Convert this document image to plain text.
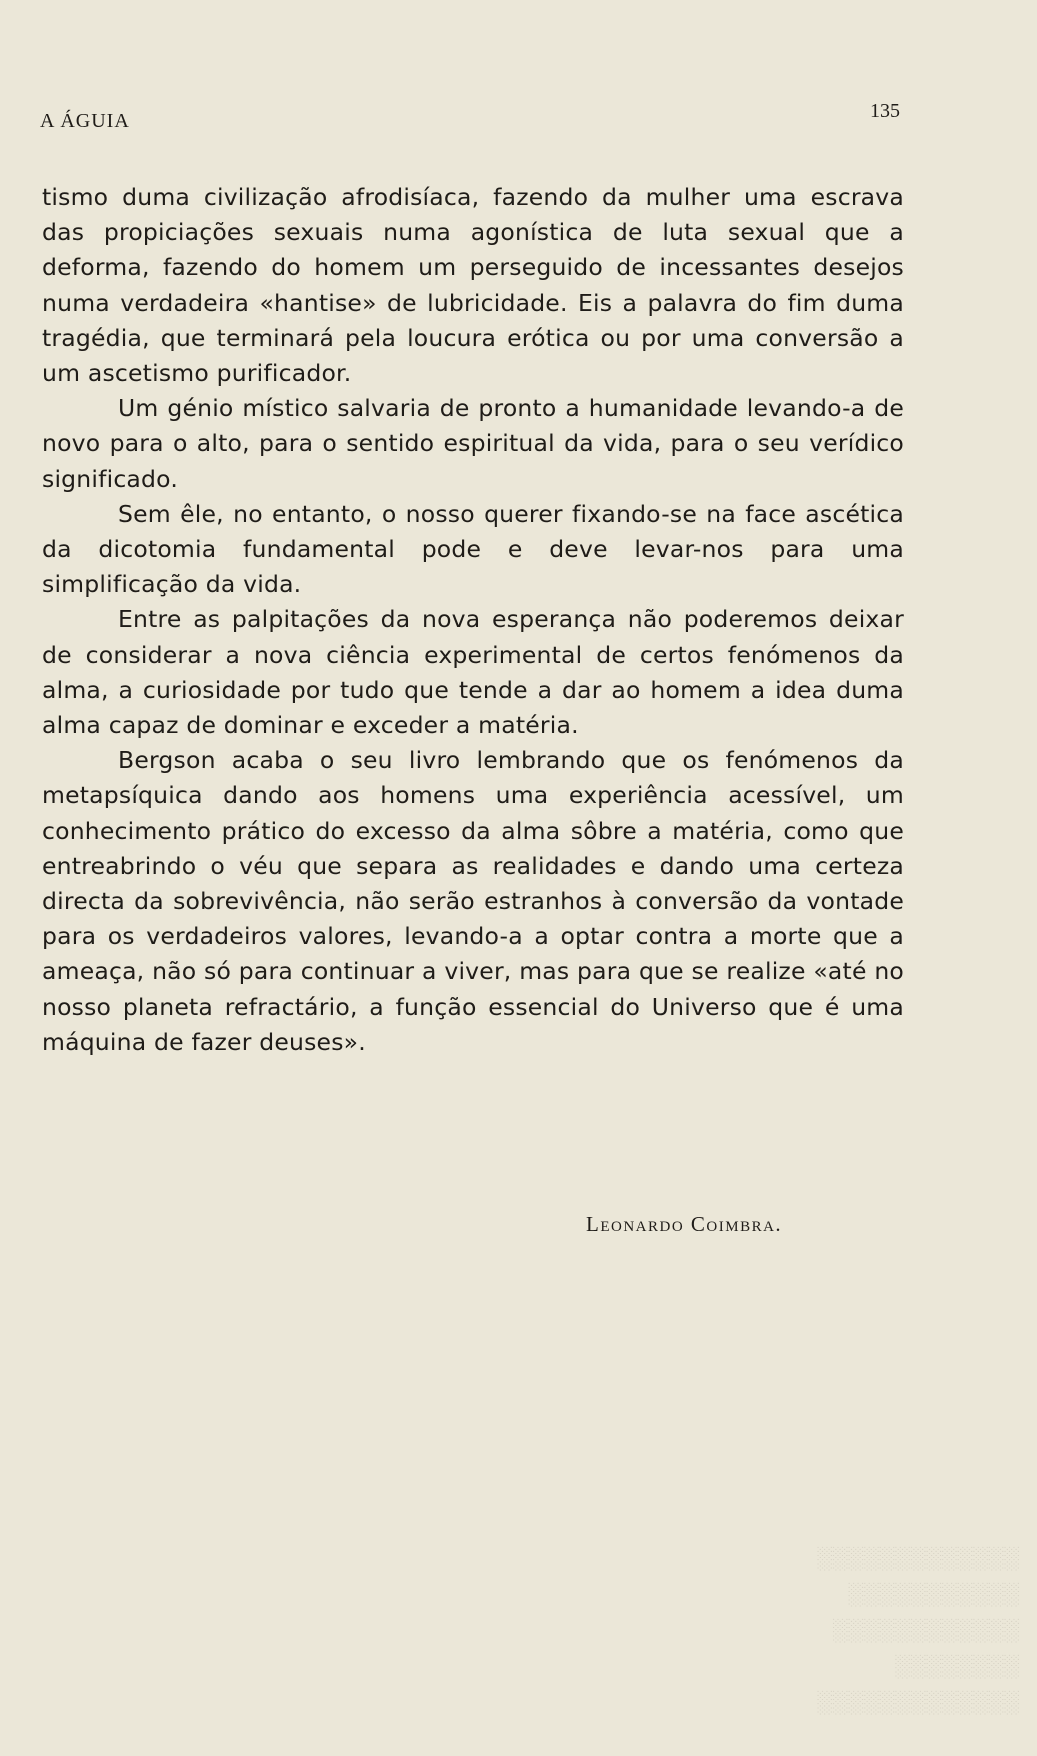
A ÁGUIA	135

tismo duma civilização afrodisíaca, fazendo da mulher uma escrava das propiciações sexuais numa agonística de luta sexual que a deforma, fazendo do homem um perseguido de incessantes desejos numa verdadeira «hantise» de lubricidade. Eis a palavra do fim duma tragédia, que terminará pela loucura erótica ou por uma conversão a um ascetismo purificador.

Um génio místico salvaria de pronto a humanidade levando-a de novo para o alto, para o sentido espiritual da vida, para o seu verídico significado.

Sem êle, no entanto, o nosso querer fixando-se na face ascética da dicotomia fundamental pode e deve levar-nos para uma simplificação da vida.

Entre as palpitações da nova esperança não poderemos deixar de considerar a nova ciência experimental de certos fenómenos da alma, a curiosidade por tudo que tende a dar ao homem a idea duma alma capaz de dominar e exceder a matéria.

Bergson acaba o seu livro lembrando que os fenómenos da metapsíquica dando aos homens uma experiência acessível, um conhecimento prático do excesso da alma sôbre a matéria, como que entreabrindo o véu que separa as realidades e dando uma certeza directa da sobrevivência, não serão estranhos à conversão da vontade para os verdadeiros valores, levando-a a optar contra a morte que a ameaça, não só para continuar a viver, mas para que se realize «até no nosso planeta refractário, a função essencial do Universo que é uma máquina de fazer deuses».

Leonardo Coimbra.
░░░░░░░░░░░░░
░░░░░░░░░░░
░░░░░░░░░░░░
░░░░░░░░
░░░░░░░░░░░░░
